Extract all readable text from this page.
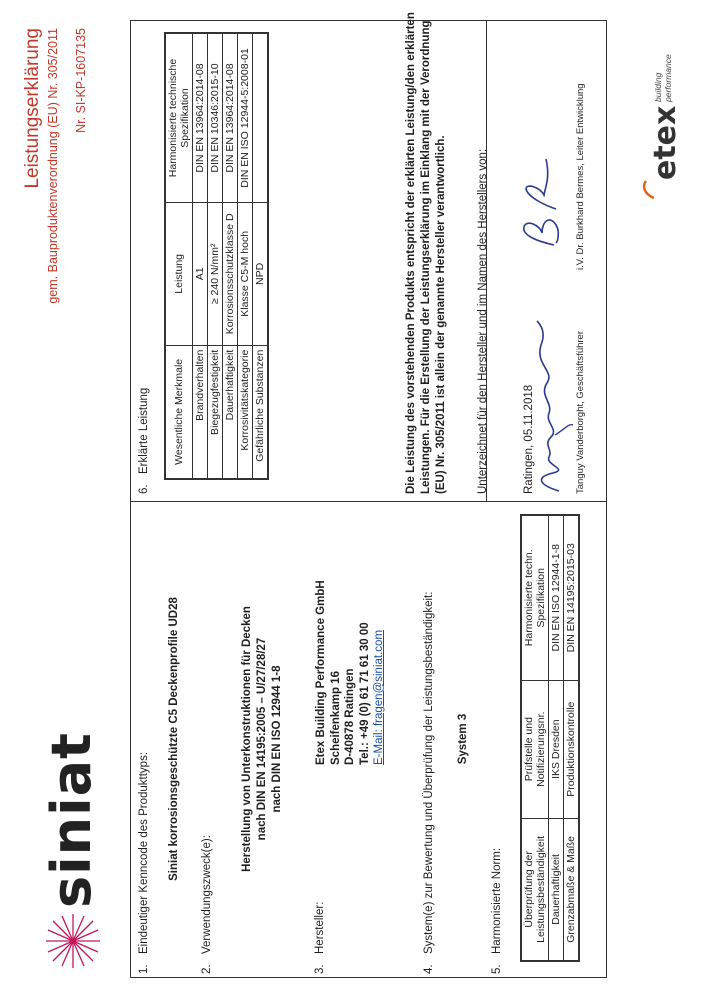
siniat
Leistungserklärung gem. Bauproduktenverordnung (EU) Nr. 305/2011 Nr. SI-KP-1607135
1.Eindeutiger Kenncode des Produkttyps: Siniat korrosionsgeschützte C5 Deckenprofile UD28
2.Verwendungszweck(e):
Herstellung von Unterkonstruktionen für Decken nach DIN EN 14195:2005 – U/27/28/27 nach DIN EN ISO 12944 1-8
3.Hersteller:
Etex Building Performance GmbH Scheifenkamp 16 D-40878 Ratingen Tel.: +49 (0) 61 71 61 30 00 E-Mail: fragen@siniat.com
4.System(e) zur Bewertung und Überprüfung der Leistungsbeständigkeit: System 3
5.Harmonisierte Norm: Überprüfung der Leistungsbeständigkeit	Prüfstelle und Notifizierungsnr.	Harmonisierte techn. Spezifikation
Dauerhaftigkeit	IKS Dresden	DIN EN ISO 12944-1-8
Grenzabmaße & Maße	Produktionskontrolle	DIN EN 14195:2015-03
6.Erklärte Leistung Wesentliche Merkmale	Leistung	Harmonisierte technische Spezifikation
Brandverhalten	A1	DIN EN 13964:2014-08
Biegezugfestigkeit	≥ 240 N/mm²	DIN EN 10346:2015-10
Dauerhaftigkeit	Korrosionsschutzklasse D	DIN EN 13964:2014-08
Korrosivitätskategorie	Klasse C5-M hoch	DIN EN ISO 12944-5:2008-01
Gefährliche Substanzen	NPD		Die Leistung des vorstehenden Produkts entspricht der erklärten Leistung/den erklärten Leistungen. Für die Erstellung der Leistungserklärung im Einklang mit der Verordnung (EU) Nr. 305/2011 ist allein der genannte Hersteller verantwortlich.	Unterzeichnet für den Hersteller und im Namen des Herstellers von:	Ratingen, 05.11.2018	Tanguy Vanderborght, Geschäftsführer
i.V. Dr. Burkhard Bermes, Leiter Entwicklung etex
building
performance
